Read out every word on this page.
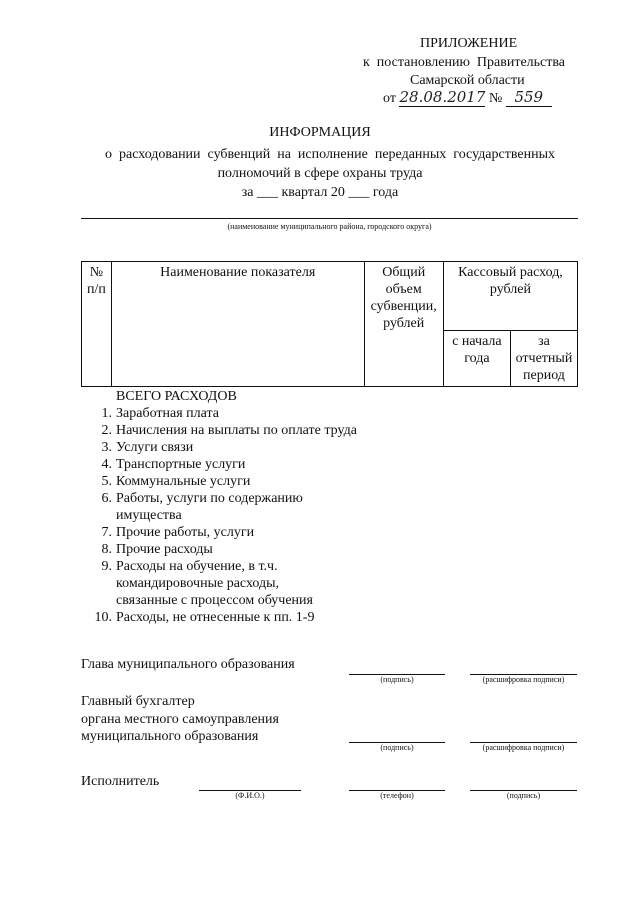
ПРИЛОЖЕНИЕ
к  постановлению  Правительства
Самарской области
от 28.08.2017 № 559
ИНФОРМАЦИЯ
о  расходовании  субвенций  на  исполнение  переданных  государственных
полномочий в сфере охраны труда
за ___ квартал 20 ___ года
(наименование муниципального района, городского округа)
№ п/п	Наименование показателя	Общий объем субвенции, рублей	Кассовый расход, рублей	
			с начала года	за отчетный период
ВСЕГО РАСХОДОВ
1. Заработная плата
2. Начисления на выплаты по оплате труда
3. Услуги связи
4. Транспортные услуги
5. Коммунальные услуги
6. Работы, услуги по содержанию имущества
7. Прочие работы, услуги
8. Прочие расходы
9. Расходы на обучение, в т.ч. командировочные расходы, связанные с процессом обучения
10. Расходы, не отнесенные к пп. 1-9
Глава муниципального образования
(подпись)	(расшифровка подписи)
Главный бухгалтер
органа местного самоуправления
муниципального образования
(подпись)	(расшифровка подписи)
Исполнитель
(Ф.И.О.)	(телефон)	(подпись)
